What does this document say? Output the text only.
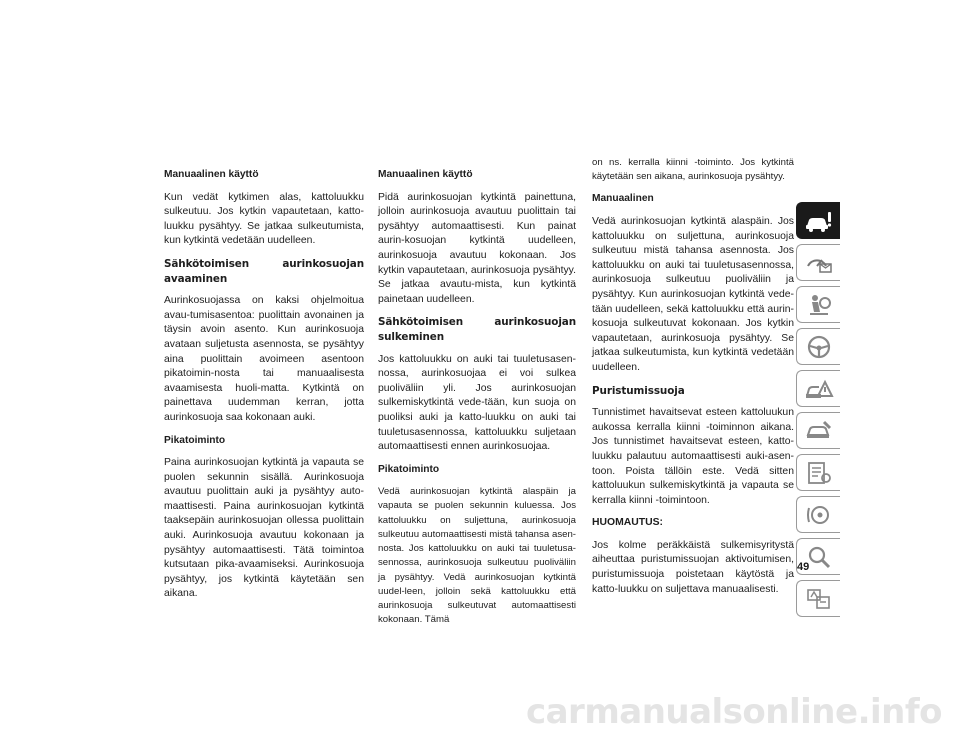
Manuaalinen käyttö

Kun vedät kytkimen alas, kattoluukku sulkeutuu. Jos kytkin vapautetaan, katto-luukku pysähtyy. Se jatkaa sulkeutumista, kun kytkintä vedetään uudelleen.

Sähkötoimisen aurinkosuojan avaaminen

Aurinkosuojassa on kaksi ohjelmoitua avau-tumisasentoa: puolittain avonainen ja täysin avoin asento. Kun aurinkosuoja avataan suljetusta asennosta, se pysähtyy aina puolittain avoimeen asentoon pikatoimin-nosta tai manuaalisesta avaamisesta huoli-matta. Kytkintä on painettava uudemman kerran, jotta aurinkosuoja saa kokonaan auki.

Pikatoiminto

Paina aurinkosuojan kytkintä ja vapauta se puolen sekunnin sisällä. Aurinkosuoja avautuu puolittain auki ja pysähtyy auto-maattisesti. Paina aurinkosuojan kytkintä taaksepäin aurinkosuojan ollessa puolittain auki. Aurinkosuoja avautuu kokonaan ja pysähtyy automaattisesti. Tätä toimintoa kutsutaan pika-avaamiseksi. Aurinkosuoja pysähtyy, jos kytkintä käytetään sen aikana.

Manuaalinen käyttö

Pidä aurinkosuojan kytkintä painettuna, jolloin aurinkosuoja avautuu puolittain tai pysähtyy automaattisesti. Kun painat aurin-kosuojan kytkintä uudelleen, aurinkosuoja avautuu kokonaan. Jos kytkin vapautetaan, aurinkosuoja pysähtyy. Se jatkaa avautu-mista, kun kytkintä painetaan uudelleen.

Sähkötoimisen aurinkosuojan sulkeminen

Jos kattoluukku on auki tai tuuletusasen-nossa, aurinkosuojaa ei voi sulkea puoliväliin yli. Jos aurinkosuojan sulkemiskytkintä vede-tään, kun suoja on puoliksi auki ja katto-luukku on auki tai tuuletusasennossa, kattoluukku suljetaan automaattisesti ennen aurinkosuojaa.

Pikatoiminto

Vedä aurinkosuojan kytkintä alaspäin ja vapauta se puolen sekunnin kuluessa. Jos kattoluukku on suljettuna, aurinkosuoja sulkeutuu automaattisesti mistä tahansa asen-nosta. Jos kattoluukku on auki tai tuuletusa-sennossa, aurinkosuoja sulkeutuu puoliväliin ja pysähtyy. Vedä aurinkosuojan kytkintä uudel-leen, jolloin sekä kattoluukku että aurinkosuoja sulkeutuvat automaattisesti kokonaan. Tämä

on ns. kerralla kiinni -toiminto. Jos kytkintä käytetään sen aikana, aurinkosuoja pysähtyy.

Manuaalinen

Vedä aurinkosuojan kytkintä alaspäin. Jos kattoluukku on suljettuna, aurinkosuoja sulkeutuu mistä tahansa asennosta. Jos kattoluukku on auki tai tuuletusasennossa, aurinkosuoja sulkeutuu puoliväliin ja pysähtyy. Kun aurinkosuojan kytkintä vede-tään uudelleen, sekä kattoluukku että aurin-kosuoja sulkeutuvat kokonaan. Jos kytkin vapautetaan, aurinkosuoja pysähtyy. Se jatkaa sulkeutumista, kun kytkintä vedetään uudelleen.

Puristumissuoja

Tunnistimet havaitsevat esteen kattoluukun aukossa kerralla kiinni -toiminnon aikana. Jos tunnistimet havaitsevat esteen, katto-luukku palautuu automaattisesti auki-asen-toon. Poista tällöin este. Vedä sitten kattoluukun sulkemiskytkintä ja vapauta se kerralla kiinni -toimintoon.

HUOMAUTUS:

Jos kolme peräkkäistä sulkemisyritystä aiheuttaa puristumissuojan aktivoitumisen, puristumissuoja poistetaan käytöstä ja katto-luukku on suljettava manuaalisesti.

49
carmanualsonline.info
